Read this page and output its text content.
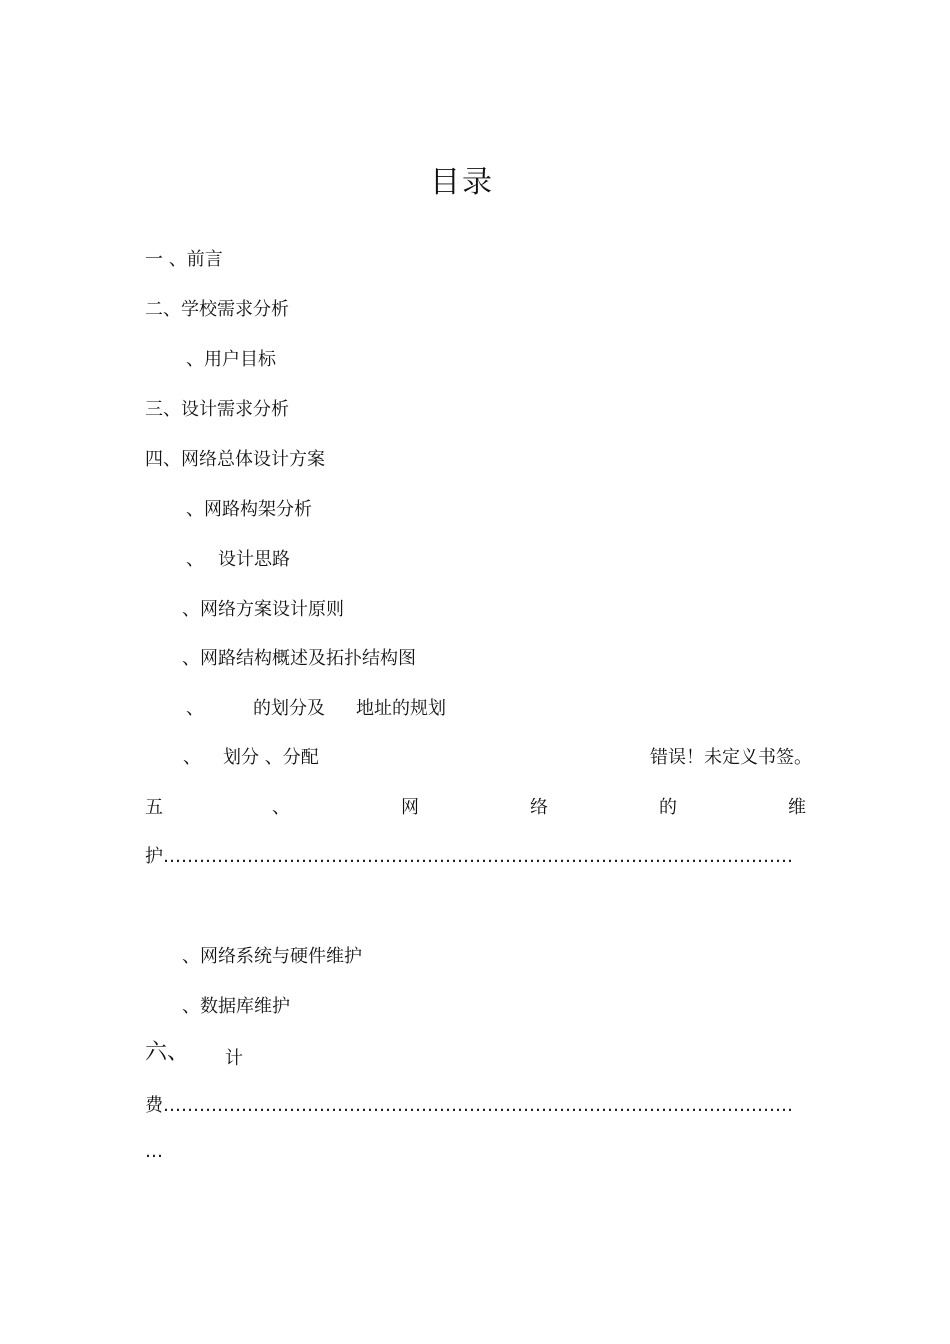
目录
一 、前言
二、学校需求分析
、用户目标
三、设计需求分析
四、网络总体设计方案
、网路构架分析
、 设计思路
、网络方案设计原则
、网路结构概述及拓扑结构图
、	的划分及 地址的规划
、 划分 、分配	错误！未定义书签。
五	、	网	络	的	维
护 ……………………………………………………………………………………………
、网络系统与硬件维护
、数据库维护
六、 计
费 ……………………………………………………………………………………………
…
